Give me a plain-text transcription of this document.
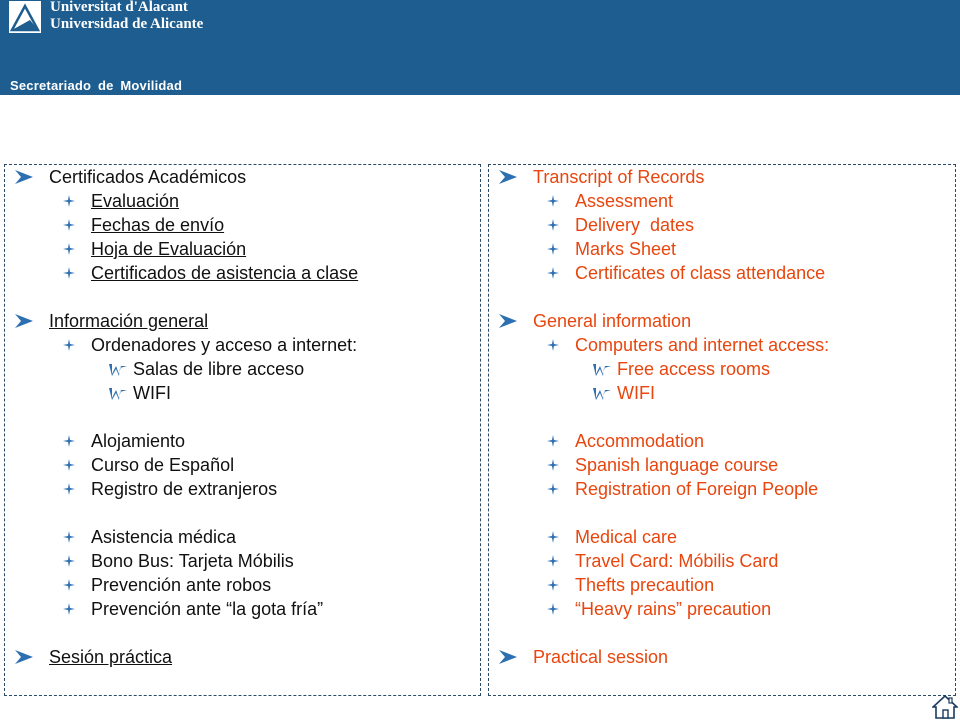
Universitat d'Alacant
Universidad de Alicante
Secretariado de Movilidad
Certificados Académicos
Evaluación
Fechas de envío
Hoja de Evaluación
Certificados de asistencia a clase
Información general
Ordenadores y acceso a internet:
Salas de libre acceso
WIFI
Alojamiento
Curso de Español
Registro de extranjeros
Asistencia médica
Bono Bus: Tarjeta Móbilis
Prevención ante robos
Prevención ante “la gota fría”
Sesión práctica
Transcript of Records
Assessment
Delivery  dates
Marks Sheet
Certificates of class attendance
General information
Computers and internet access:
Free access rooms
WIFI
Accommodation
Spanish language course
Registration of Foreign People
Medical care
Travel Card: Móbilis Card
Thefts precaution
“Heavy rains” precaution
Practical session
